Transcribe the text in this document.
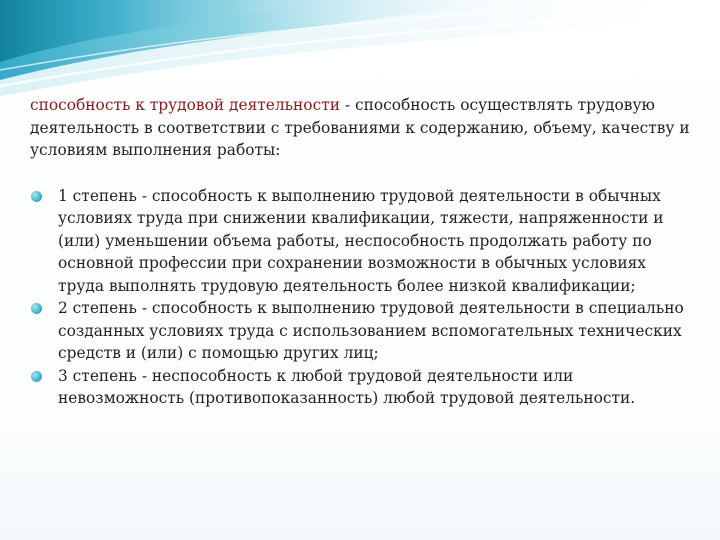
способность к трудовой деятельности - способность осуществлять трудовую деятельность в соответствии с требованиями к содержанию, объему, качеству и условиям выполнения работы:

1 степень - способность к выполнению трудовой деятельности в обычных условиях труда при снижении квалификации, тяжести, напряженности и (или) уменьшении объема работы, неспособность продолжать работу по основной профессии при сохранении возможности в обычных условиях труда выполнять трудовую деятельность более низкой квалификации;
2 степень - способность к выполнению трудовой деятельности в специально созданных условиях труда с использованием вспомогательных технических средств и (или) с помощью других лиц;
3 степень - неспособность к любой трудовой деятельности или невозможность (противопоказанность) любой трудовой деятельности.
